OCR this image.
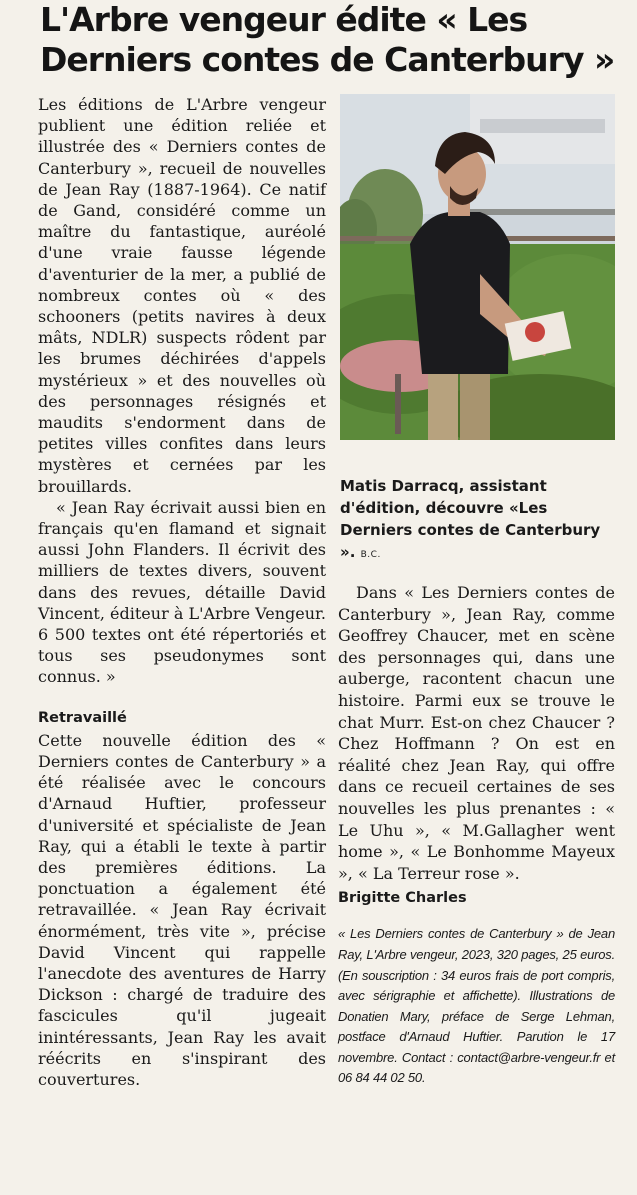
L'Arbre vengeur édite « Les Derniers contes de Canterbury »

Les éditions de L'Arbre vengeur publient une édition reliée et illustrée des « Derniers contes de Canterbury », recueil de nouvelles de Jean Ray (1887-1964). Ce natif de Gand, considéré comme un maître du fantastique, auréolé d'une vraie fausse légende d'aventurier de la mer, a publié de nombreux contes où « des schooners (petits navires à deux mâts, NDLR) suspects rôdent par les brumes déchirées d'appels mystérieux » et des nouvelles où des personnages résignés et maudits s'endorment dans de petites villes confites dans leurs mystères et cernées par les brouillards.

« Jean Ray écrivait aussi bien en français qu'en flamand et signait aussi John Flanders. Il écrivit des milliers de textes divers, souvent dans des revues, détaille David Vincent, éditeur à L'Arbre Vengeur. 6 500 textes ont été répertoriés et tous ses pseudonymes sont connus. »

Retravaillé

Cette nouvelle édition des « Derniers contes de Canterbury » a été réalisée avec le concours d'Arnaud Huftier, professeur d'université et spécialiste de Jean Ray, qui a établi le texte à partir des premières éditions. La ponctuation a également été retravaillée. « Jean Ray écrivait énormément, très vite », précise David Vincent qui rappelle l'anecdote des aventures de Harry Dickson : chargé de traduire des fascicules qu'il jugeait inintéressants, Jean Ray les avait réécrits en s'inspirant des couvertures.

Matis Darracq, assistant d'édition, découvre «Les Derniers contes de Canterbury ». B.C.

Dans « Les Derniers contes de Canterbury », Jean Ray, comme Geoffrey Chaucer, met en scène des personnages qui, dans une auberge, racontent chacun une histoire. Parmi eux se trouve le chat Murr. Est-on chez Chaucer ? Chez Hoffmann ? On est en réalité chez Jean Ray, qui offre dans ce recueil certaines de ses nouvelles les plus prenantes : « Le Uhu », « M.Gallagher went home », « Le Bonhomme Mayeux », « La Terreur rose ».

Brigitte Charles
« Les Derniers contes de Canterbury » de Jean Ray, L'Arbre vengeur, 2023, 320 pages, 25 euros. (En souscription : 34 euros frais de port compris, avec sérigraphie et affichette). Illustrations de Donatien Mary, préface de Serge Lehman, postface d'Arnaud Huftier. Parution le 17 novembre. Contact : contact@arbre-vengeur.fr et 06 84 44 02 50.
